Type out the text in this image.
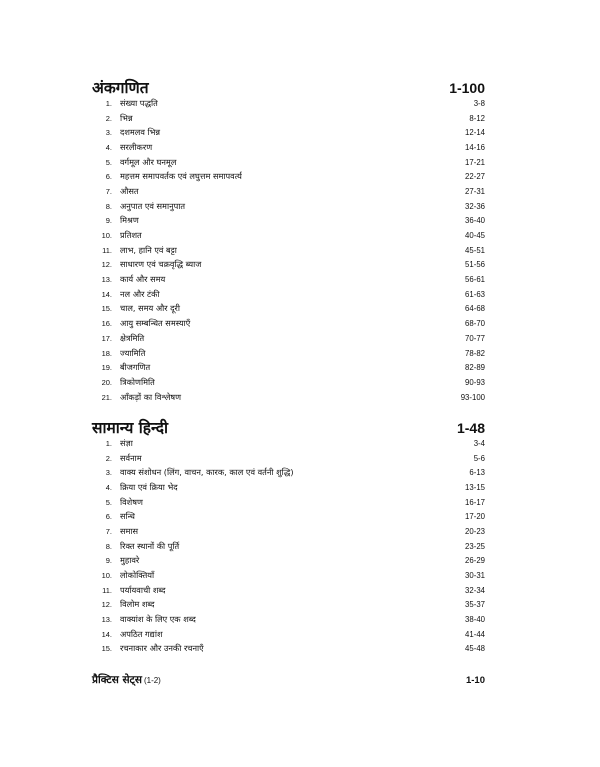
अंकगणित	1-100
1. संख्या पद्धति	3-8
2. भिन्न	8-12
3. दशमलव भिन्न	12-14
4. सरलीकरण	14-16
5. वर्गमूल और घनमूल	17-21
6. महत्तम समापवर्तक एवं लघुत्तम समापवर्त्य	22-27
7. औसत	27-31
8. अनुपात एवं समानुपात	32-36
9. मिश्रण	36-40
10. प्रतिशत	40-45
11. लाभ, हानि एवं बट्टा	45-51
12. साधारण एवं चक्रवृद्धि ब्याज	51-56
13. कार्य और समय	56-61
14. नल और टंकी	61-63
15. चाल, समय और दूरी	64-68
16. आयु सम्बन्धित समस्याएँ	68-70
17. क्षेत्रमिति	70-77
18. ज्यामिति	78-82
19. बीजगणित	82-89
20. त्रिकोणमिति	90-93
21. आँकड़ों का विश्लेषण	93-100
सामान्य हिन्दी	1-48
1. संज्ञा	3-4
2. सर्वनाम	5-6
3. वाक्य संशोधन (लिंग, वाचन, कारक, काल एवं वर्तनी शुद्धि)	6-13
4. क्रिया एवं क्रिया भेद	13-15
5. विशेषण	16-17
6. सन्धि	17-20
7. समास	20-23
8. रिक्त स्थानों की पूर्ति	23-25
9. मुहावरे	26-29
10. लोकोक्तियाँ	30-31
11. पर्यायवाची शब्द	32-34
12. विलोम शब्द	35-37
13. वाक्यांश के लिए एक शब्द	38-40
14. अपठित गद्यांश	41-44
15. रचनाकार और उनकी रचनाएँ	45-48
प्रैक्टिस सेट्स (1-2)	1-10
